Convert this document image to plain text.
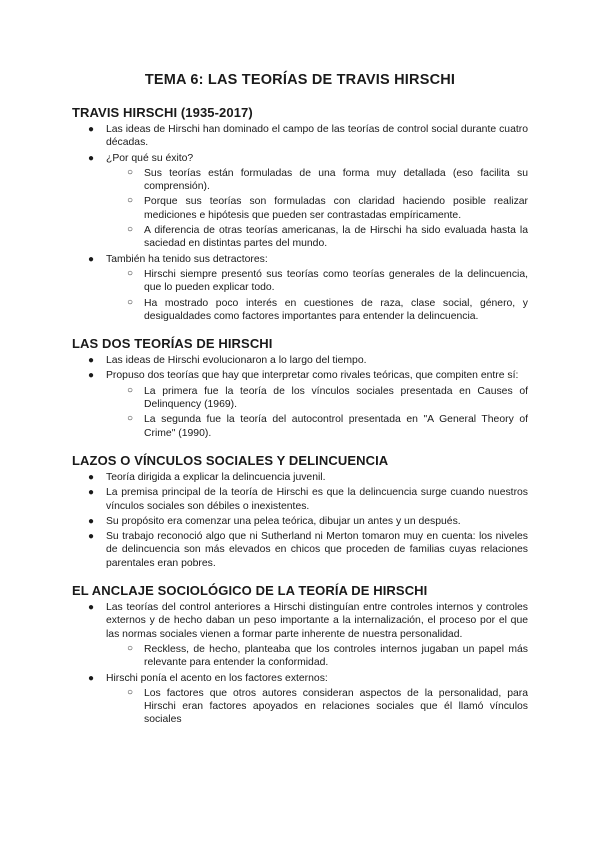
TEMA 6: LAS TEORÍAS DE TRAVIS HIRSCHI
TRAVIS HIRSCHI (1935-2017)
● Las ideas de Hirschi han dominado el campo de las teorías de control social durante cuatro décadas.
● ¿Por qué su éxito?
○ Sus teorías están formuladas de una forma muy detallada (eso facilita su comprensión).
○ Porque sus teorías son formuladas con claridad haciendo posible realizar mediciones e hipótesis que pueden ser contrastadas empíricamente.
○ A diferencia de otras teorías americanas, la de Hirschi ha sido evaluada hasta la saciedad en distintas partes del mundo.
● También ha tenido sus detractores:
○ Hirschi siempre presentó sus teorías como teorías generales de la delincuencia, que lo pueden explicar todo.
○ Ha mostrado poco interés en cuestiones de raza, clase social, género, y desigualdades como factores importantes para entender la delincuencia.
LAS DOS TEORÍAS DE HIRSCHI
● Las ideas de Hirschi evolucionaron a lo largo del tiempo.
● Propuso dos teorías que hay que interpretar como rivales teóricas, que compiten entre sí:
○ La primera fue la teoría de los vínculos sociales presentada en Causes of Delinquency (1969).
○ La segunda fue la teoría del autocontrol presentada en "A General Theory of Crime" (1990).
LAZOS O VÍNCULOS SOCIALES Y DELINCUENCIA
● Teoría dirigida a explicar la delincuencia juvenil.
● La premisa principal de la teoría de Hirschi es que la delincuencia surge cuando nuestros vínculos sociales son débiles o inexistentes.
● Su propósito era comenzar una pelea teórica, dibujar un antes y un después.
● Su trabajo reconoció algo que ni Sutherland ni Merton tomaron muy en cuenta: los niveles de delincuencia son más elevados en chicos que proceden de familias cuyas relaciones parentales eran pobres.
EL ANCLAJE SOCIOLÓGICO DE LA TEORÍA DE HIRSCHI
● Las teorías del control anteriores a Hirschi distinguían entre controles internos y controles externos y de hecho daban un peso importante a la internalización, el proceso por el que las normas sociales vienen a formar parte inherente de nuestra personalidad.
○ Reckless, de hecho, planteaba que los controles internos jugaban un papel más relevante para entender la conformidad.
● Hirschi ponía el acento en los factores externos:
○ Los factores que otros autores consideran aspectos de la personalidad, para Hirschi eran factores apoyados en relaciones sociales que él llamó vínculos sociales
